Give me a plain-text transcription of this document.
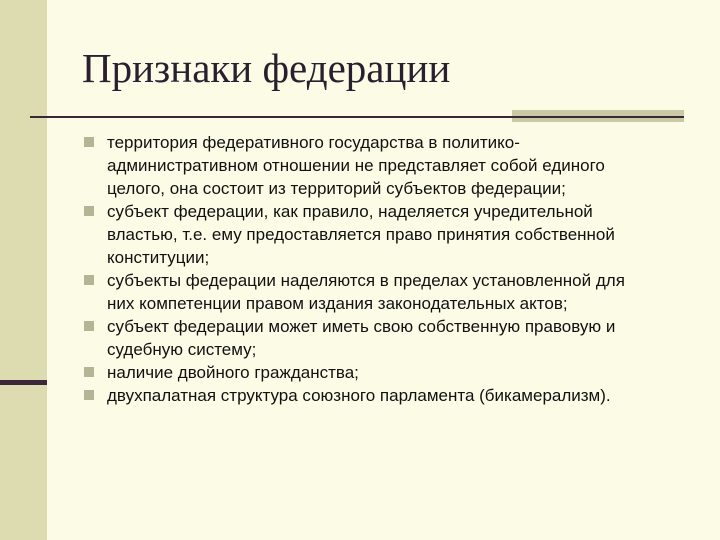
Признаки федерации
территория федеративного государства в политико-административном отношении не представляет собой единого целого, она состоит из территорий субъектов федерации;
субъект федерации, как правило, наделяется учредительной властью, т.е. ему предоставляется право принятия собственной конституции;
субъекты федерации наделяются в пределах установленной для них компетенции правом издания законодательных актов;
субъект федерации может иметь свою собственную правовую и судебную систему;
наличие двойного гражданства;
двухпалатная структура союзного парламента (бикамерализм).
